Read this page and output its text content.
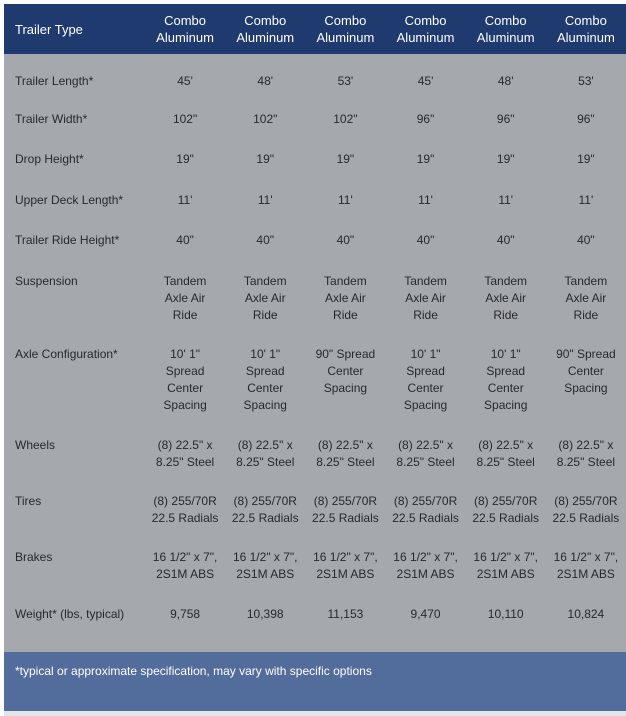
Trailer Type	Combo
Aluminum	Combo
Aluminum	Combo
Aluminum	Combo
Aluminum	Combo
Aluminum	Combo
Aluminum
Trailer Length*	45'	48'	53'	45'	48'	53'
Trailer Width*	102"	102"	102"	96"	96"	96"
Drop Height*	19"	19"	19"	19"	19"	19"
Upper Deck Length*	11'	11'	11'	11'	11'	11'
Trailer Ride Height*	40"	40"	40"	40"	40"	40"
Suspension	Tandem
Axle Air
Ride	Tandem
Axle Air
Ride	Tandem
Axle Air
Ride	Tandem
Axle Air
Ride	Tandem
Axle Air
Ride	Tandem
Axle Air
Ride
Axle Configuration*	10' 1"
Spread
Center
Spacing	10' 1"
Spread
Center
Spacing	90" Spread
Center
Spacing	10' 1"
Spread
Center
Spacing	10' 1"
Spread
Center
Spacing	90" Spread
Center
Spacing
Wheels	(8) 22.5" x
8.25" Steel	(8) 22.5" x
8.25" Steel	(8) 22.5" x
8.25" Steel	(8) 22.5" x
8.25" Steel	(8) 22.5" x
8.25" Steel	(8) 22.5" x
8.25" Steel
Tires	(8) 255/70R
22.5 Radials	(8) 255/70R
22.5 Radials	(8) 255/70R
22.5 Radials	(8) 255/70R
22.5 Radials	(8) 255/70R
22.5 Radials	(8) 255/70R
22.5 Radials
Brakes	16 1/2" x 7",
2S1M ABS	16 1/2" x 7",
2S1M ABS	16 1/2" x 7",
2S1M ABS	16 1/2" x 7",
2S1M ABS	16 1/2" x 7",
2S1M ABS	16 1/2" x 7",
2S1M ABS
Weight* (lbs, typical)	9,758	10,398	11,153	9,470	10,110	10,824
*typical or approximate specification, may vary with specific options
